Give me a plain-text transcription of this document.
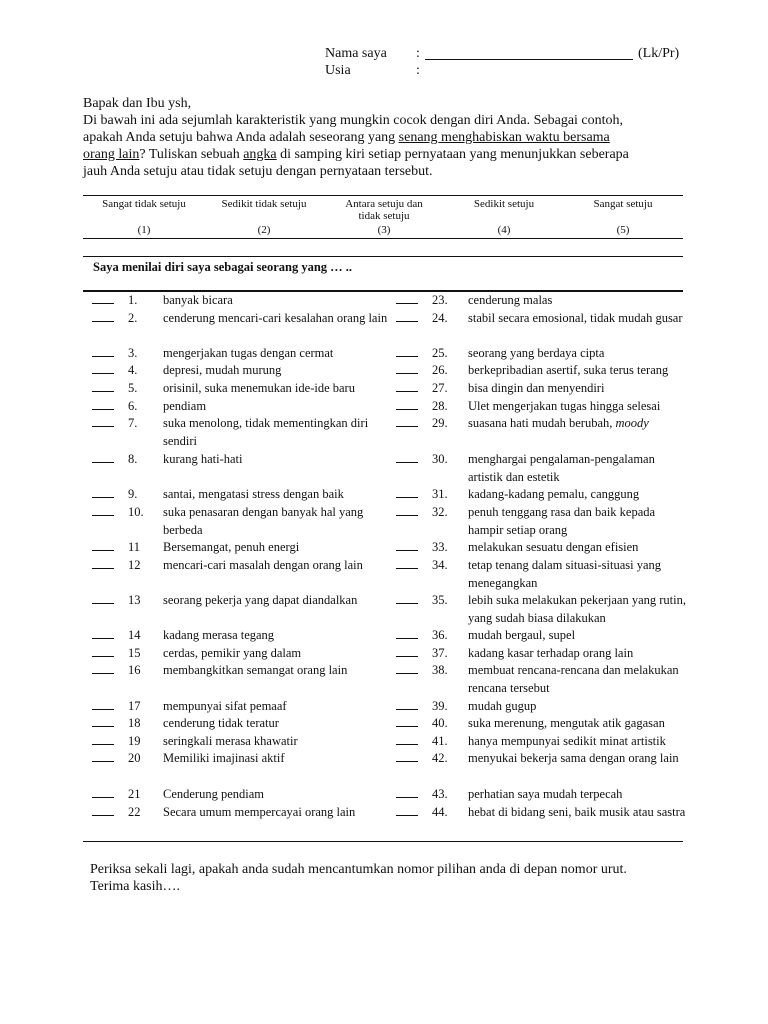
Nama saya :	(Lk/Pr)
Usia	:
Bapak dan Ibu ysh,
Di bawah ini ada sejumlah karakteristik yang mungkin cocok dengan diri Anda. Sebagai contoh,
apakah Anda setuju bahwa Anda adalah seseorang yang senang menghabiskan waktu bersama
orang lain? Tuliskan sebuah angka di samping kiri setiap pernyataan yang menunjukkan seberapa
jauh Anda setuju atau tidak setuju dengan pernyataan tersebut.
Sangat tidak setuju
(1)
Sedikit tidak setuju
(2)
Antara setuju dan tidak setuju
(3)
Sedikit setuju
(4)
Sangat setuju
(5)
Saya menilai diri saya sebagai seorang yang … ..
1. banyak bicara
2. cenderung mencari-cari kesalahan orang lain
3. mengerjakan tugas dengan cermat
4. depresi, mudah murung
5. orisinil, suka menemukan ide-ide baru
6. pendiam
7. suka menolong, tidak mementingkan diri sendiri
8. kurang hati-hati
9. santai, mengatasi stress dengan baik
10. suka penasaran dengan banyak hal yang berbeda
11 Bersemangat, penuh energi
12 mencari-cari masalah dengan orang lain
13 seorang pekerja yang dapat diandalkan
14 kadang merasa tegang
15 cerdas, pemikir yang dalam
16 membangkitkan semangat orang lain
17 mempunyai sifat pemaaf
18 cenderung tidak teratur
19 seringkali merasa khawatir
20 Memiliki imajinasi aktif
21 Cenderung pendiam
22 Secara umum mempercayai orang lain
23. cenderung malas
24. stabil secara emosional, tidak mudah gusar
25. seorang yang berdaya cipta
26. berkepribadian asertif, suka terus terang
27. bisa dingin dan menyendiri
28. Ulet mengerjakan tugas hingga selesai
29. suasana hati mudah berubah, moody
30. menghargai pengalaman-pengalaman artistik dan estetik
31. kadang-kadang pemalu, canggung
32. penuh tenggang rasa dan baik kepada hampir setiap orang
33. melakukan sesuatu dengan efisien
34. tetap tenang dalam situasi-situasi yang menegangkan
35. lebih suka melakukan pekerjaan yang rutin, yang sudah biasa dilakukan
36. mudah bergaul, supel
37. kadang kasar terhadap orang lain
38. membuat rencana-rencana dan melakukan rencana tersebut
39. mudah gugup
40. suka merenung, mengutak atik gagasan
41. hanya mempunyai sedikit minat artistik
42. menyukai bekerja sama dengan orang lain
43. perhatian saya mudah terpecah
44. hebat di bidang seni, baik musik atau sastra
Periksa sekali lagi, apakah anda sudah mencantumkan nomor pilihan anda di depan nomor urut.
Terima kasih….
